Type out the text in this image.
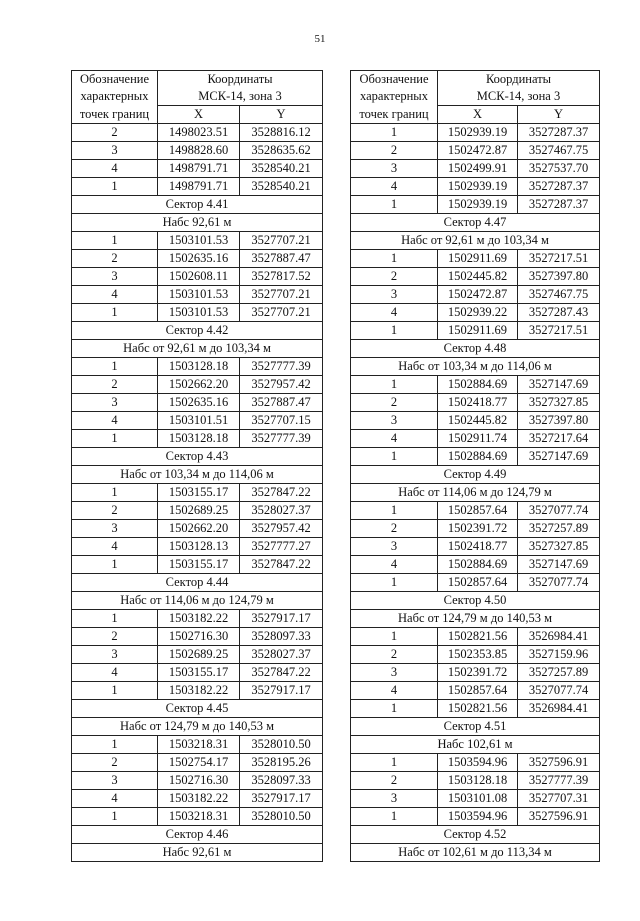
51
Обозначение	Координаты	
характерных	МСК-14, зона 3	
точек границ	X	Y
2	1498023.51	3528816.12
3	1498828.60	3528635.62
4	1498791.71	3528540.21
1	1498791.71	3528540.21
Сектор 4.41		
Набс 92,61 м		
1	1503101.53	3527707.21
2	1502635.16	3527887.47
3	1502608.11	3527817.52
4	1503101.53	3527707.21
1	1503101.53	3527707.21
Сектор 4.42		
Набс от 92,61 м до 103,34 м		
1	1503128.18	3527777.39
2	1502662.20	3527957.42
3	1502635.16	3527887.47
4	1503101.51	3527707.15
1	1503128.18	3527777.39
Сектор 4.43		
Набс от 103,34 м до 114,06 м		
1	1503155.17	3527847.22
2	1502689.25	3528027.37
3	1502662.20	3527957.42
4	1503128.13	3527777.27
1	1503155.17	3527847.22
Сектор 4.44		
Набс от 114,06 м до 124,79 м		
1	1503182.22	3527917.17
2	1502716.30	3528097.33
3	1502689.25	3528027.37
4	1503155.17	3527847.22
1	1503182.22	3527917.17
Сектор 4.45		
Набс от 124,79 м до 140,53 м		
1	1503218.31	3528010.50
2	1502754.17	3528195.26
3	1502716.30	3528097.33
4	1503182.22	3527917.17
1	1503218.31	3528010.50
Сектор 4.46		
Набс 92,61 м		
Обозначение	Координаты	
характерных	МСК-14, зона 3	
точек границ	X	Y
1	1502939.19	3527287.37
2	1502472.87	3527467.75
3	1502499.91	3527537.70
4	1502939.19	3527287.37
1	1502939.19	3527287.37
Сектор 4.47		
Набс от 92,61 м до 103,34 м		
1	1502911.69	3527217.51
2	1502445.82	3527397.80
3	1502472.87	3527467.75
4	1502939.22	3527287.43
1	1502911.69	3527217.51
Сектор 4.48		
Набс от 103,34 м до 114,06 м		
1	1502884.69	3527147.69
2	1502418.77	3527327.85
3	1502445.82	3527397.80
4	1502911.74	3527217.64
1	1502884.69	3527147.69
Сектор 4.49		
Набс от 114,06 м до 124,79 м		
1	1502857.64	3527077.74
2	1502391.72	3527257.89
3	1502418.77	3527327.85
4	1502884.69	3527147.69
1	1502857.64	3527077.74
Сектор 4.50		
Набс от 124,79 м до 140,53 м		
1	1502821.56	3526984.41
2	1502353.85	3527159.96
3	1502391.72	3527257.89
4	1502857.64	3527077.74
1	1502821.56	3526984.41
Сектор 4.51		
Набс 102,61 м		
1	1503594.96	3527596.91
2	1503128.18	3527777.39
3	1503101.08	3527707.31
1	1503594.96	3527596.91
Сектор 4.52		
Набс от 102,61 м до 113,34 м		
